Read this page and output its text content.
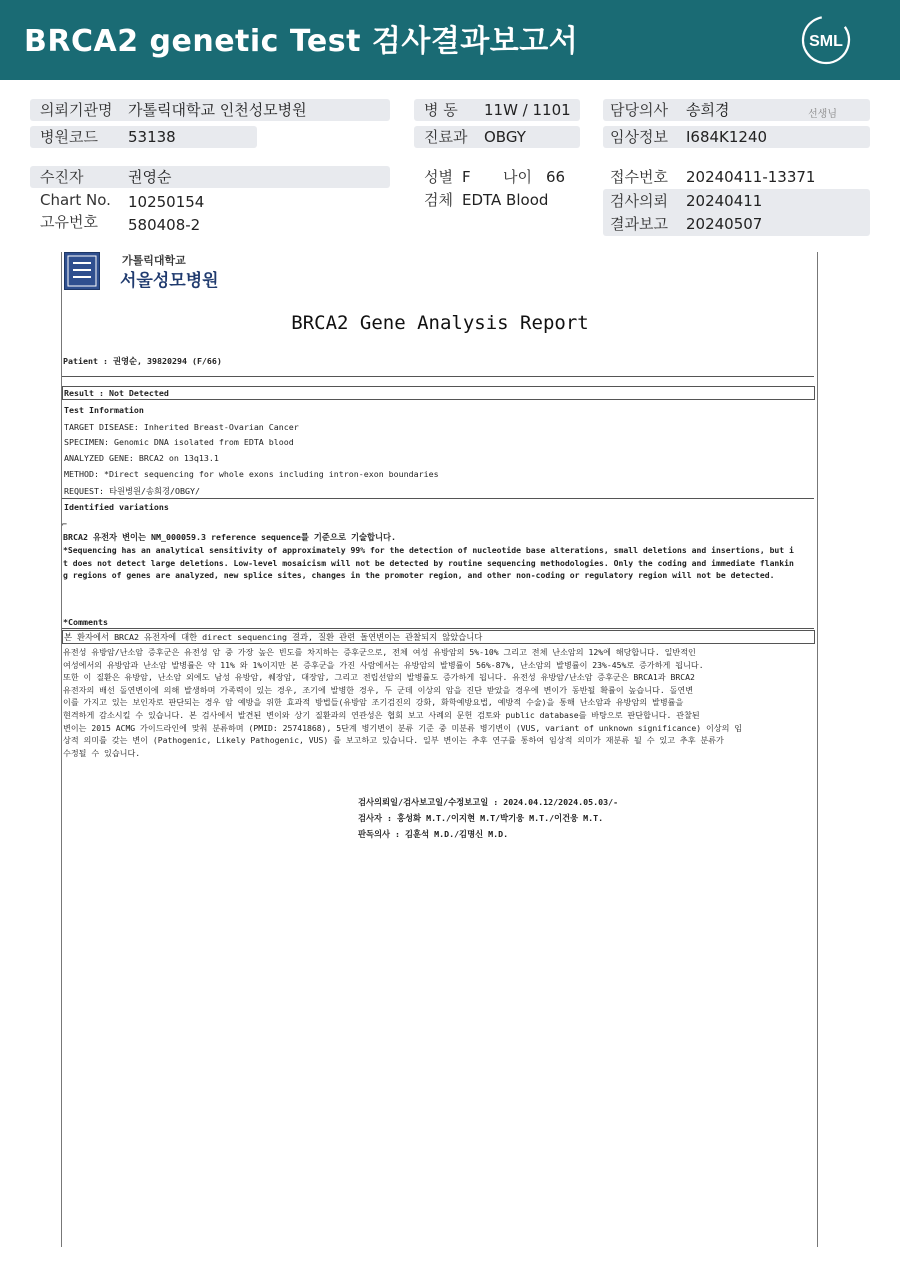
BRCA2 genetic Test 검사결과보고서	SML
의뢰기관명 가톨릭대학교 인천성모병원
병원코드 53138
병 동 11W / 1101
진료과 OBGY
담당의사 송희경	선생님
임상정보 I684K1240
수진자	권영순
Chart No. 10250154
고유번호 580408-2
성별 F 나이 66
검체 EDTA Blood
접수번호 20240411-13371
검사의뢰 20240411
결과보고 20240507
가톨릭대학교
서울성모병원
BRCA2 Gene Analysis Report
Patient : 권영순, 39820294 (F/66)
Result : Not Detected
Test Information
TARGET DISEASE: Inherited Breast-Ovarian Cancer
SPECIMEN: Genomic DNA isolated from EDTA blood
ANALYZED GENE: BRCA2 on 13q13.1
METHOD: *Direct sequencing for whole exons including intron-exon boundaries
REQUEST: 타원병원/송희경/OBGY/
Identified variations
⌐
BRCA2 유전자 변이는 NM_000059.3 reference sequence를 기준으로 기술합니다.
*Sequencing has an analytical sensitivity of approximately 99% for the detection of nucleotide base alterations, small deletions and insertions, but i
t does not detect large deletions. Low-level mosaicism will not be detected by routine sequencing methodologies. Only the coding and immediate flankin
g regions of genes are analyzed, new splice sites, changes in the promoter region, and other non-coding or regulatory region will not be detected.
*Comments
본 환자에서 BRCA2 유전자에 대한 direct sequencing 결과, 질환 관련 돌연변이는 관찰되지 않았습니다
유전성 유방암/난소암 증후군은 유전성 암 중 가장 높은 빈도를 차지하는 증후군으로, 전체 여성 유방암의 5%-10% 그리고 전체 난소암의 12%에 해당합니다. 일반적인
여성에서의 유방암과 난소암 발병률은 약 11% 와 1%이지만 본 증후군을 가진 사람에서는 유방암의 발병률이 56%-87%, 난소암의 발병률이 23%-45%로 증가하게 됩니다.
또한 이 질환은 유방암, 난소암 외에도 남성 유방암, 췌장암, 대장암, 그리고 전립선암의 발병률도 증가하게 됩니다. 유전성 유방암/난소암 증후군은 BRCA1과 BRCA2
유전자의 배선 돌연변이에 의해 발생하며 가족력이 있는 경우, 조기에 발병한 경우, 두 군데 이상의 암을 진단 받았을 경우에 변이가 동반될 확률이 높습니다. 돌연변
이를 가지고 있는 보인자로 판단되는 경우 암 예방을 위한 효과적 방법들(유방암 조기검진의 강화, 화학예방요법, 예방적 수술)을 통해 난소암과 유방암의 발병률을
현격하게 감소시킬 수 있습니다. 본 검사에서 발견된 변이와 상기 질환과의 연관성은 협회 보고 사례의 문헌 검토와 public database를 바탕으로 판단합니다. 관찰된
변이는 2015 ACMG 가이드라인에 맞춰 분류하며 (PMID: 25741868), 5단계 병기변이 분류 기준 중 미분류 병기변이 (VUS, variant of unknown significance) 이상의 임
상적 의미를 갖는 변이 (Pathogenic, Likely Pathogenic, VUS) 를 보고하고 있습니다. 일부 변이는 추후 연구를 통하여 임상적 의미가 재분류 될 수 있고 추후 분류가
수정될 수 있습니다.
검사의뢰일/검사보고일/수정보고일 : 2024.04.12/2024.05.03/-
검사자 : 홍성화 M.T./이지현 M.T/박기웅 M.T./이건웅 M.T.
판독의사 : 김훈석 M.D./김명신 M.D.
